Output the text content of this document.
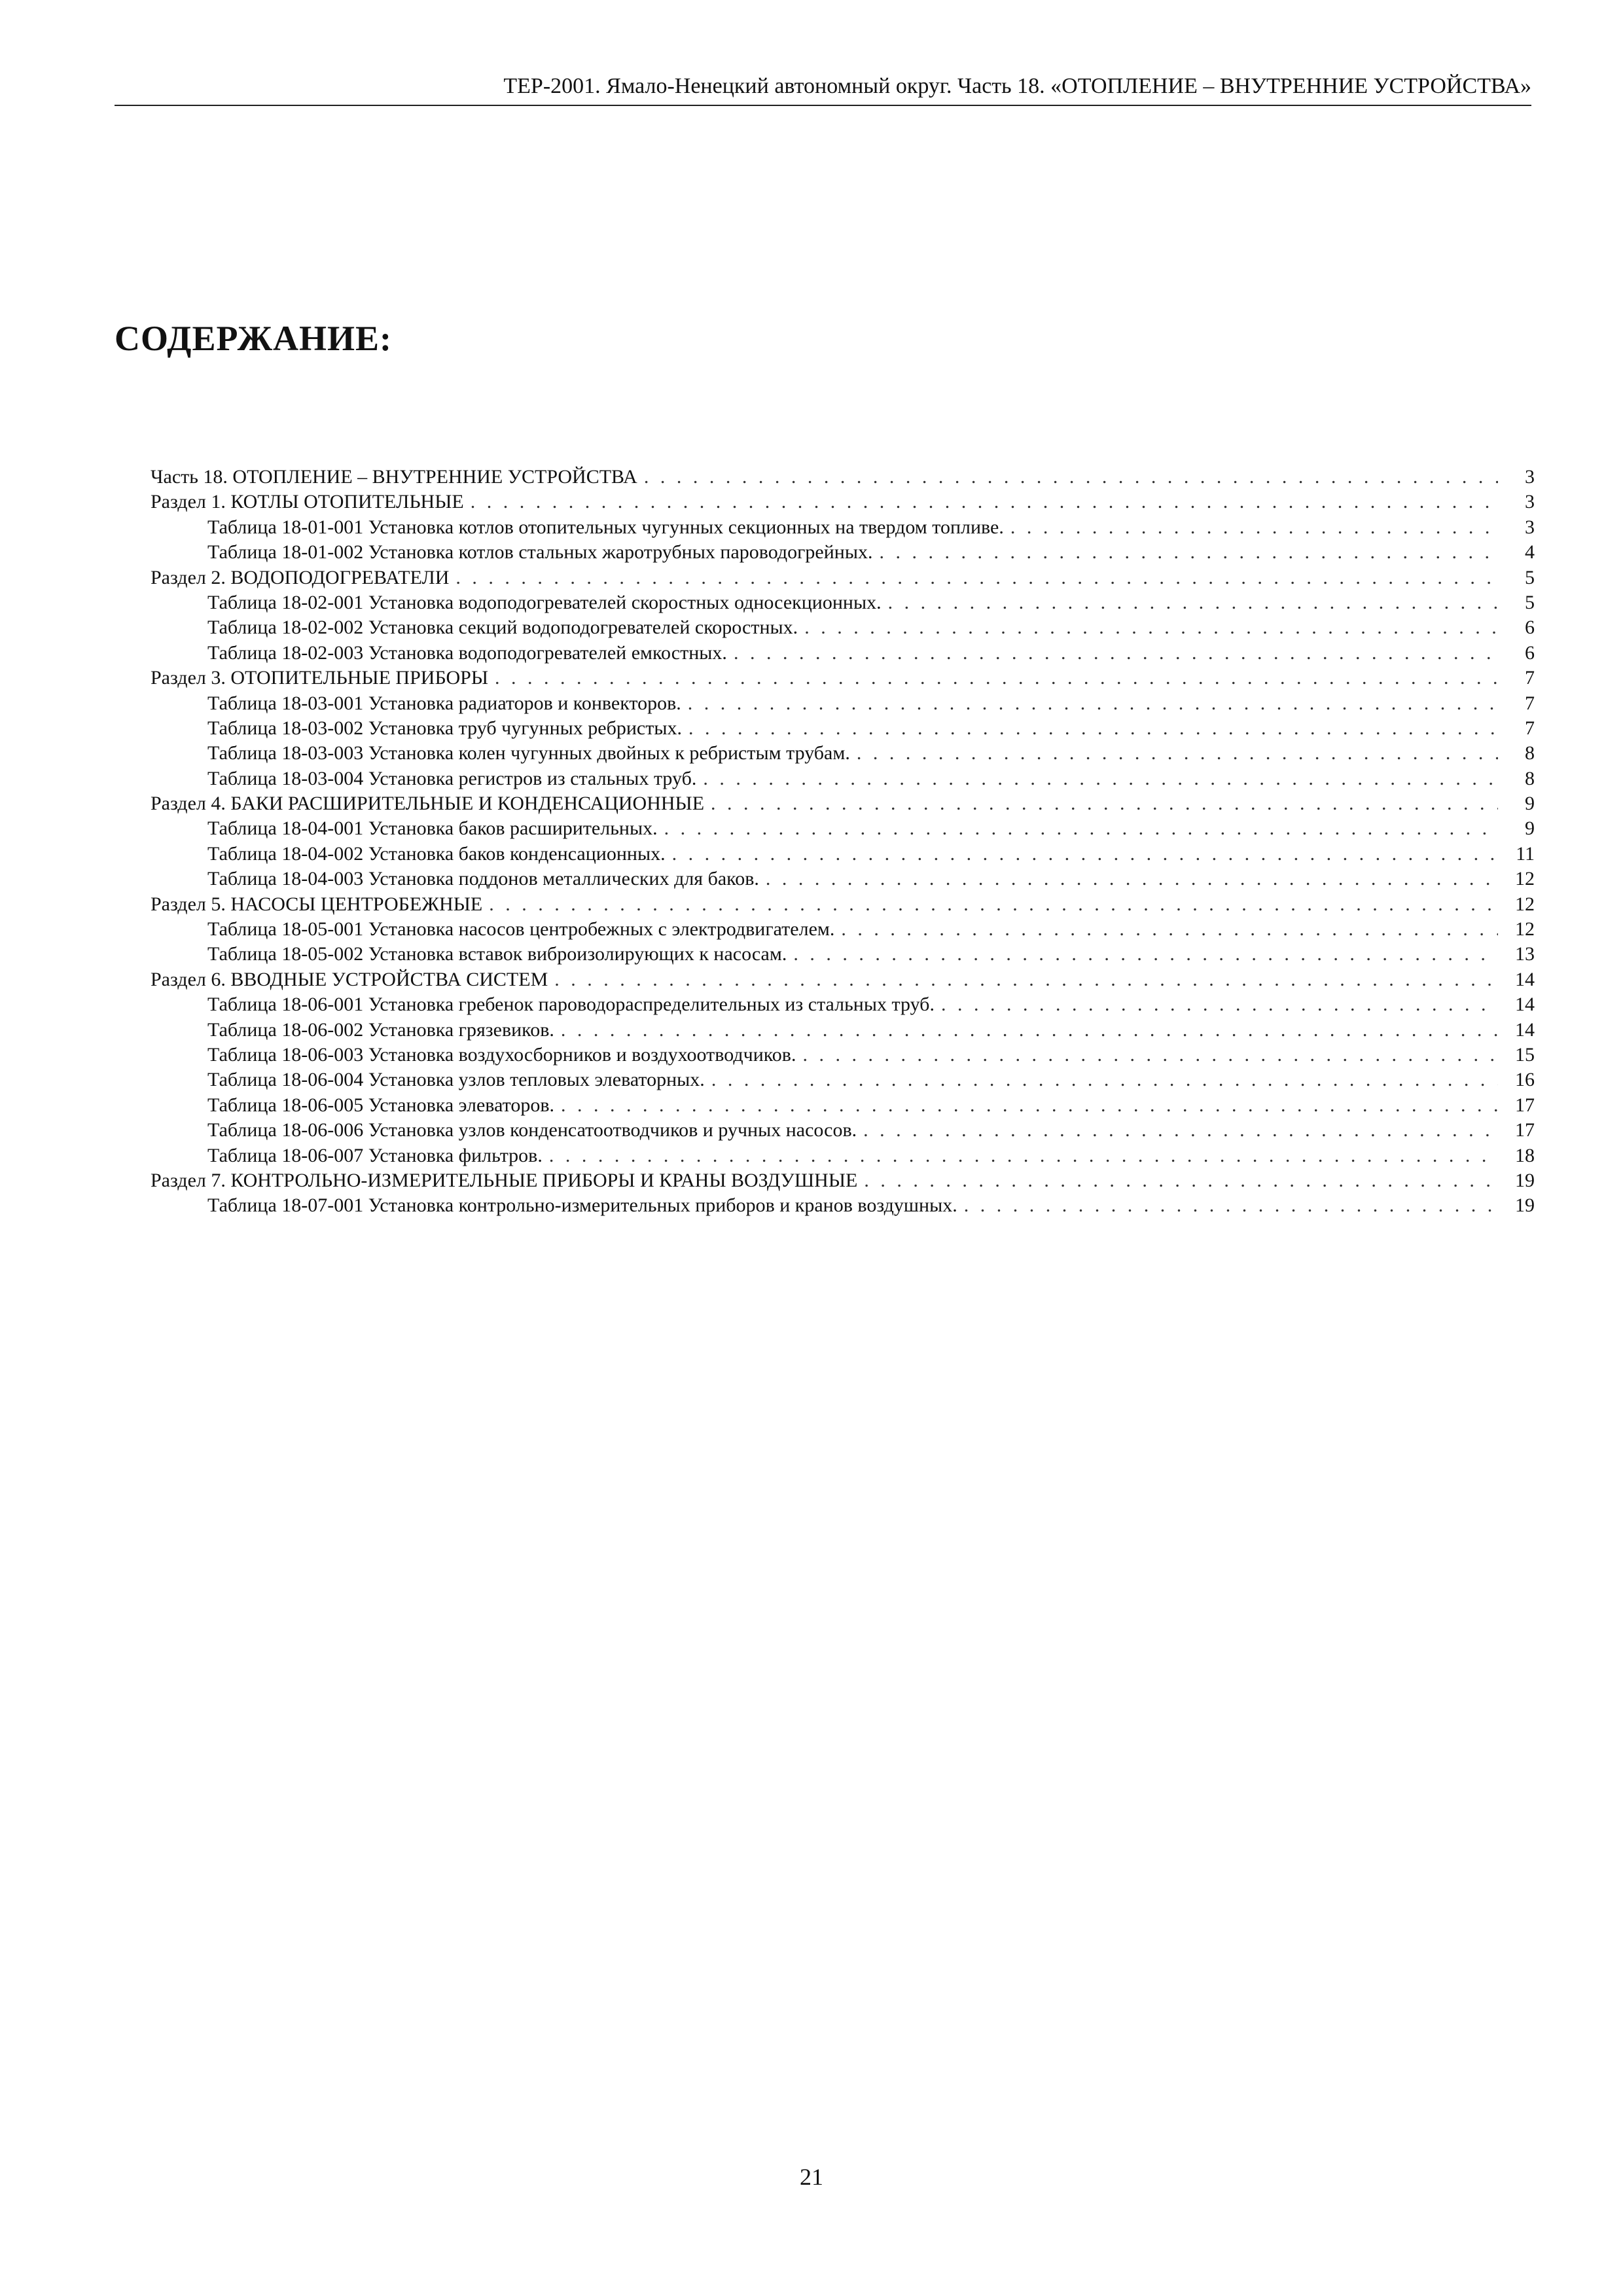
ТЕР-2001. Ямало-Ненецкий автономный округ. Часть 18. «ОТОПЛЕНИЕ – ВНУТРЕННИЕ УСТРОЙСТВА»
СОДЕРЖАНИЕ:
Часть 18. ОТОПЛЕНИЕ – ВНУТРЕННИЕ УСТРОЙСТВА . . .	3
Раздел 1. КОТЛЫ ОТОПИТЕЛЬНЫЕ . . .	3
Таблица 18-01-001 Установка котлов отопительных чугунных секционных на твердом топливе. . . .	3
Таблица 18-01-002 Установка котлов стальных жаротрубных пароводогрейных. . . .	4
Раздел 2. ВОДОПОДОГРЕВАТЕЛИ . . .	5
Таблица 18-02-001 Установка водоподогревателей скоростных односекционных. . . .	5
Таблица 18-02-002 Установка секций водоподогревателей скоростных. . . .	6
Таблица 18-02-003 Установка водоподогревателей емкостных. . . .	6
Раздел 3. ОТОПИТЕЛЬНЫЕ ПРИБОРЫ . . .	7
Таблица 18-03-001 Установка радиаторов и конвекторов. . . .	7
Таблица 18-03-002 Установка труб чугунных ребристых. . . .	7
Таблица 18-03-003 Установка колен чугунных двойных к ребристым трубам. . . .	8
Таблица 18-03-004 Установка регистров из стальных труб. . . .	8
Раздел 4. БАКИ РАСШИРИТЕЛЬНЫЕ И КОНДЕНСАЦИОННЫЕ . . .	9
Таблица 18-04-001 Установка баков расширительных. . . .	9
Таблица 18-04-002 Установка баков конденсационных. . . .	11
Таблица 18-04-003 Установка поддонов металлических для баков. . . .	12
Раздел 5. НАСОСЫ ЦЕНТРОБЕЖНЫЕ . . .	12
Таблица 18-05-001 Установка насосов центробежных с электродвигателем. . . .	12
Таблица 18-05-002 Установка вставок виброизолирующих к насосам. . . .	13
Раздел 6. ВВОДНЫЕ УСТРОЙСТВА СИСТЕМ . . .	14
Таблица 18-06-001 Установка гребенок пароводораспределительных из стальных труб. . . .	14
Таблица 18-06-002 Установка грязевиков. . . .	14
Таблица 18-06-003 Установка воздухосборников и воздухоотводчиков. . . .	15
Таблица 18-06-004 Установка узлов тепловых элеваторных. . . .	16
Таблица 18-06-005 Установка элеваторов. . . .	17
Таблица 18-06-006 Установка узлов конденсатоотводчиков и ручных насосов. . . .	17
Таблица 18-06-007 Установка фильтров. . . .	18
Раздел 7. КОНТРОЛЬНО-ИЗМЕРИТЕЛЬНЫЕ ПРИБОРЫ И КРАНЫ ВОЗДУШНЫЕ . . .	19
Таблица 18-07-001 Установка контрольно-измерительных приборов и кранов воздушных. . . .	19
21
